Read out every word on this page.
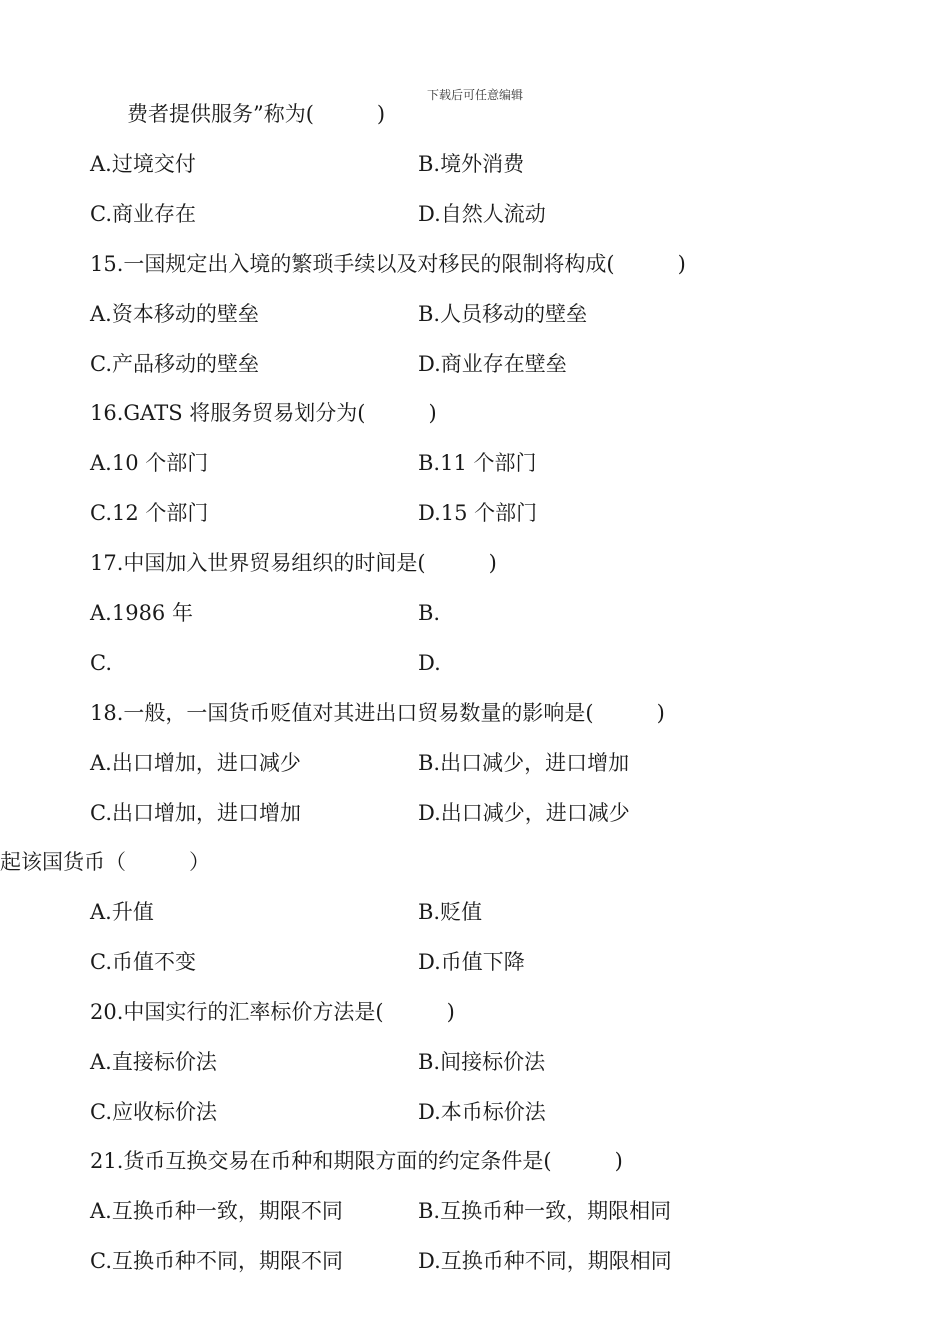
下载后可任意编辑
费者提供服务”称为(　　　)
A.过境交付	B.境外消费
C.商业存在	D.自然人流动
15.一国规定出入境的繁琐手续以及对移民的限制将构成(　　　)
A.资本移动的壁垒	B.人员移动的壁垒
C.产品移动的壁垒	D.商业存在壁垒
16.GATS 将服务贸易划分为(　　　)
A.10 个部门	B.11 个部门
C.12 个部门	D.15 个部门
17.中国加入世界贸易组织的时间是(　　　)
A.1986 年	B.
C.	D.
18.一般，一国货币贬值对其进出口贸易数量的影响是(　　　)
A.出口增加，进口减少	B.出口减少，进口增加
C.出口增加，进口增加	D.出口减少，进口减少
起该国货币（　　　）
A.升值	B.贬值
C.币值不变	D.币值下降
20.中国实行的汇率标价方法是(　　　)
A.直接标价法	B.间接标价法
C.应收标价法	D.本币标价法
21.货币互换交易在币种和期限方面的约定条件是(　　　)
A.互换币种一致，期限不同	B.互换币种一致，期限相同
C.互换币种不同，期限不同	D.互换币种不同，期限相同
